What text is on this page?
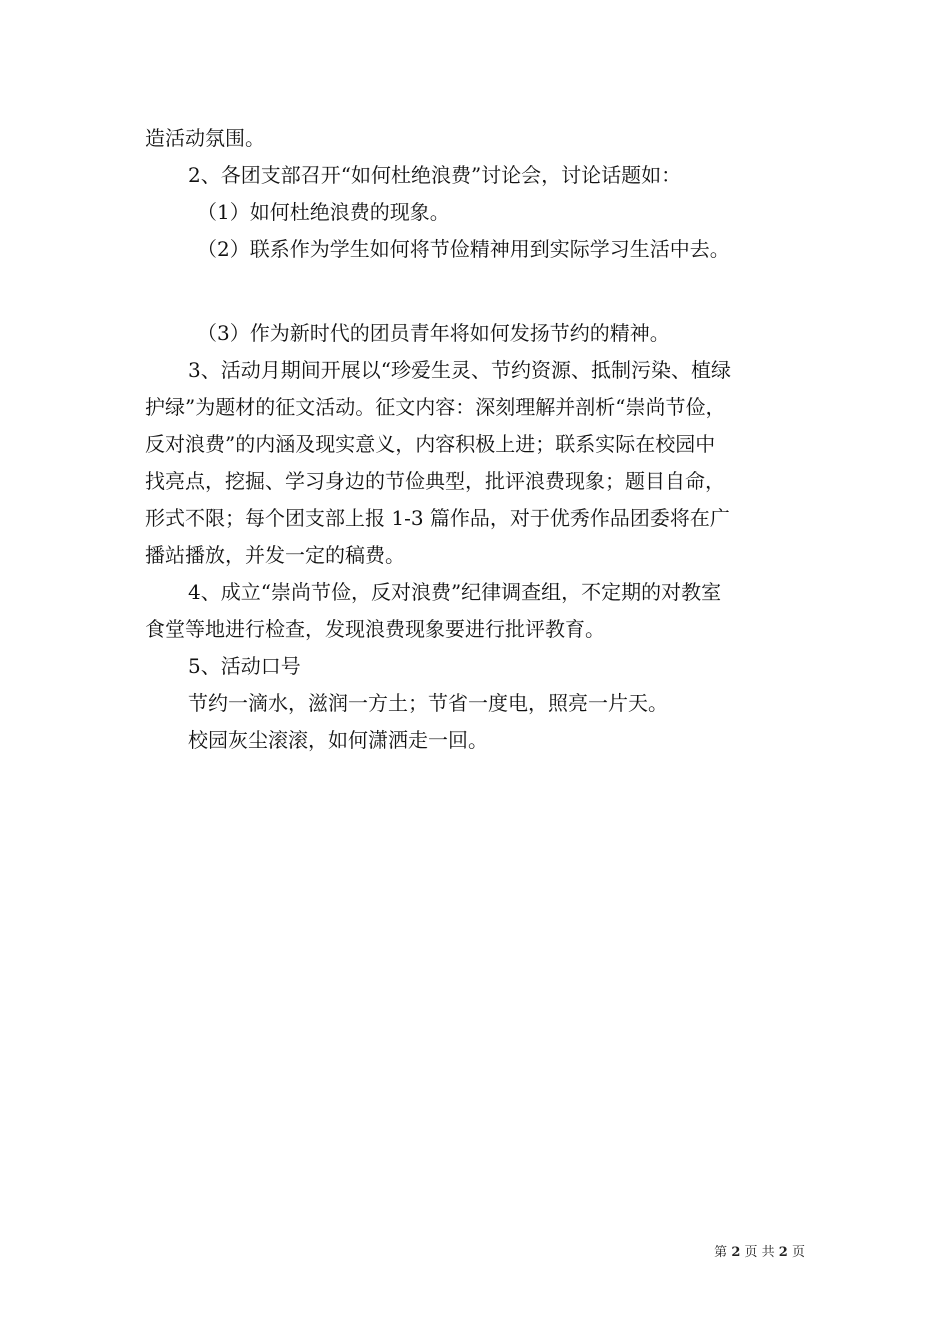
造活动氛围。
2、各团支部召开“如何杜绝浪费”讨论会，讨论话题如：
（1）如何杜绝浪费的现象。
（2）联系作为学生如何将节俭精神用到实际学习生活中去。
（3）作为新时代的团员青年将如何发扬节约的精神。
3、活动月期间开展以“珍爱生灵、节约资源、抵制污染、植绿
护绿”为题材的征文活动。征文内容：深刻理解并剖析“崇尚节俭，
反对浪费”的内涵及现实意义，内容积极上进；联系实际在校园中
找亮点，挖掘、学习身边的节俭典型，批评浪费现象；题目自命，
形式不限；每个团支部上报 1-3 篇作品，对于优秀作品团委将在广
播站播放，并发一定的稿费。
4、成立“崇尚节俭，反对浪费”纪律调查组，不定期的对教室
食堂等地进行检查，发现浪费现象要进行批评教育。
5、活动口号
节约一滴水，滋润一方土；节省一度电，照亮一片天。
校园灰尘滚滚，如何潇洒走一回。
第 2 页 共 2 页
